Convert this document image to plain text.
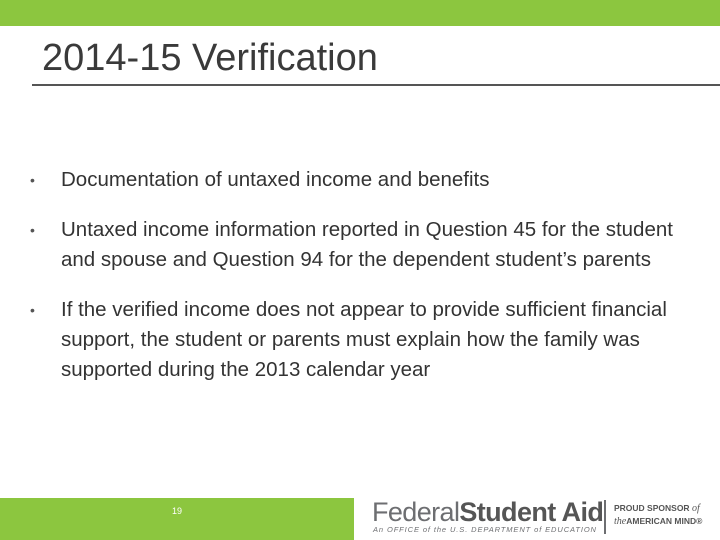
2014-15 Verification
• Documentation of untaxed income and benefits
• Untaxed income information reported in Question 45 for the student and spouse and Question 94 for the dependent student’s parents
• If the verified income does not appear to provide sufficient financial support, the student or parents must explain how the family was supported during the 2013 calendar year
19	FederalStudent Aid
An OFFICE of the U.S. DEPARTMENT of EDUCATION
PROUD SPONSOR of
theAMERICAN MIND®
